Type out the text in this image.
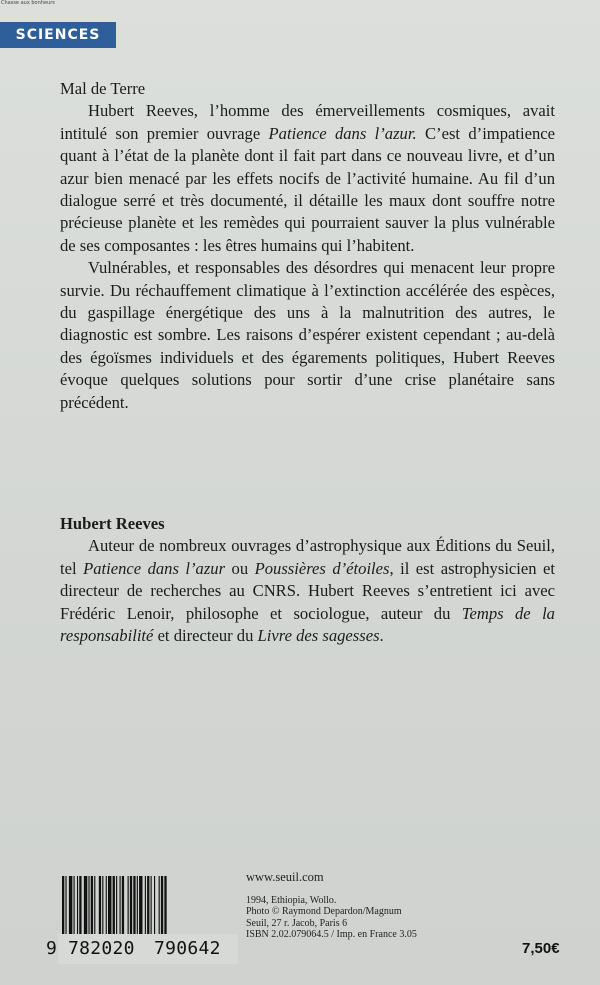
Chasse aux bonheurs
SCIENCES
Mal de Terre

Hubert Reeves, l’homme des émerveillements cosmiques, avait intitulé son premier ouvrage Patience dans l’azur. C’est d’impatience quant à l’état de la planète dont il fait part dans ce nouveau livre, et d’un azur bien menacé par les effets nocifs de l’activité humaine. Au fil d’un dialogue serré et très documenté, il détaille les maux dont souffre notre précieuse planète et les remèdes qui pourraient sauver la plus vulnérable de ses composantes : les êtres humains qui l’habitent.

Vulnérables, et responsables des désordres qui menacent leur propre survie. Du réchauffement climatique à l’extinction accélérée des espèces, du gaspillage énergétique des uns à la malnutrition des autres, le diagnostic est sombre. Les raisons d’espérer existent cependant ; au-delà des égoïsmes individuels et des égarements politiques, Hubert Reeves évoque quelques solutions pour sortir d’une crise planétaire sans précédent.

Hubert Reeves

Auteur de nombreux ouvrages d’astrophysique aux Éditions du Seuil, tel Patience dans l’azur ou Poussières d’étoiles, il est astrophysicien et directeur de recherches au CNRS. Hubert Reeves s’entretient ici avec Frédéric Lenoir, philosophe et sociologue, auteur du Temps de la responsabilité et directeur du Livre des sagesses.

9 782020 790642
www.seuil.com
1994, Ethiopia, Wollo.
Photo © Raymond Depardon/Magnum
Seuil, 27 r. Jacob, Paris 6
ISBN 2.02.079064.5 / Imp. en France 3.05
7,50€
